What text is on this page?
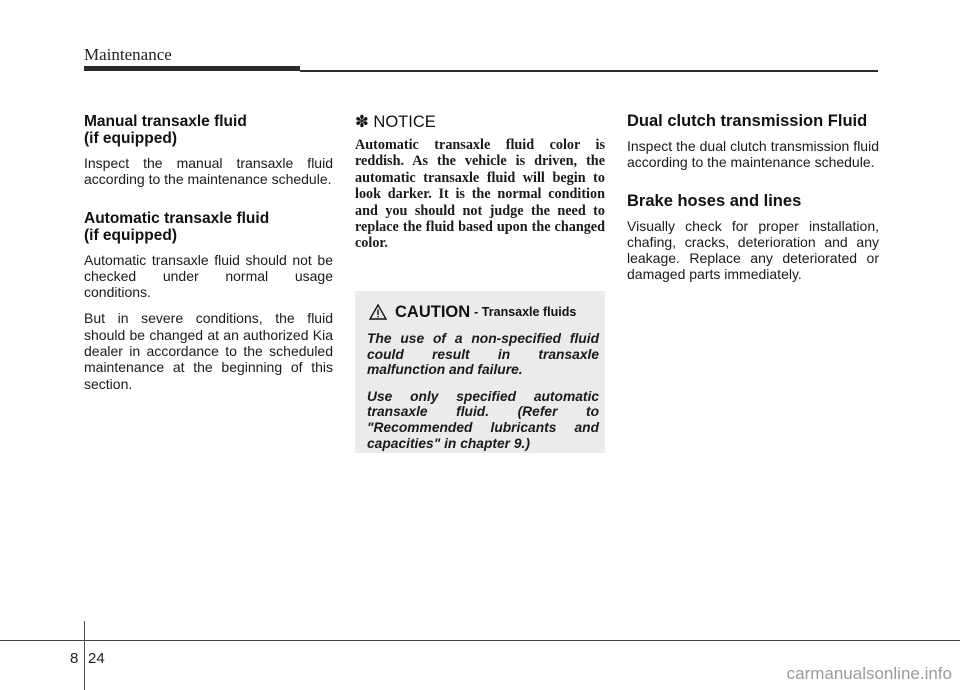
Maintenance
Manual transaxle fluid
(if equipped)

Inspect the manual transaxle fluid according to the maintenance schedule.

Automatic transaxle fluid
(if equipped)

Automatic transaxle fluid should not be checked under normal usage conditions.

But in severe conditions, the fluid should be changed at an authorized Kia dealer in accordance to the scheduled maintenance at the beginning of this section.

✽ NOTICE

Automatic transaxle fluid color is reddish. As the vehicle is driven, the automatic transaxle fluid will begin to look darker. It is the normal condition and you should not judge the need to replace the fluid based upon the changed color.

CAUTION - Transaxle fluids

The use of a non-specified fluid could result in transaxle malfunction and failure.

Use only specified automatic transaxle fluid. (Refer to "Recommended lubricants and capacities" in chapter 9.)

Dual clutch transmission Fluid

Inspect the dual clutch transmission fluid according to the maintenance schedule.

Brake hoses and lines

Visually check for proper installation, chafing, cracks, deterioration and any leakage. Replace any deteriorated or damaged parts immediately.

8 24
carmanualsonline.info
